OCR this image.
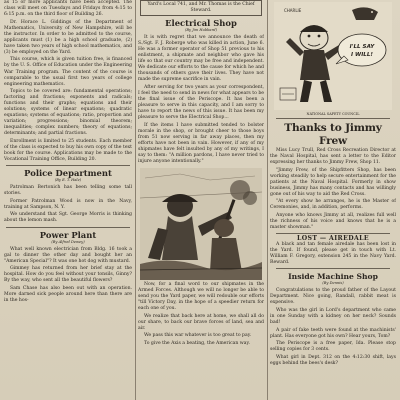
as 15 or more applicants have been accepted. The class will meet on Tuesdays and Fridays from 4:15 to 6:15 p.m. on the third floor of Building 26.

Dr. Horace L. Giddings of the Department of Mathematics, University of New Hampshire, will be the instructor. In order to be admitted to the course, applicants must (1) be a high school graduate, (2) have taken two years of high school mathematics, and (3) be employed on the Yard.

This course, which is given tuition free, is financed by the U. S. Office of Education under the Engineering War Training program. The content of the course is comparable to the usual first two years of college engineering mathematics.

Topics to be covered are: fundamental operations; factoring and fractions; exponents and radicals; functions and their graphs; equations and their solutions; systems of linear equations; quadratic equations; systems of equations; ratio, proportion and variation; progressions; binomial theorem; inequalities; complex numbers; theory of equations; determinants; and partial fractions.

Enrollment is limited to 25 students. Each member of the class is expected to buy his own copy of the text book for the course. Applications may be made to the Vocational Training Office, Building 20.

Police Department
(By E. T. Hale)

Patrolman Bertonich has been telling some tall stories.

Former Patrolman Wood is now in the Navy, training at Sampson, N. Y.

We understand that Sgt. George Morris is thinking about the lemon mash.

Power Plant
(By Alfred Dewey)

What well known electrician from Bldg. 16 took a gal to dinner the other day and bought her an "American Special"? It was one hot dog with mustard.

Gimmey has returned from her brief stay at the hospital. How do you feel without your tonsils, Ginny? By the way, who sent all the beautiful flowers?

Sam Chase has also been out with an operation. More darned sick people around here than there are in the hos-

Yard's Local 741, and Mr. Thomas is the Chief Steward.
Electrical Shop
(By Jim Hubbard)

It is with regret that we announce the death of S./Sgt. F. J. Roberge who was killed in action, June 6. He was a former operator of Shop 51 previous to his enlistment, a shipmate and neighbor who gave his life so that our country may be free and independent. We dedicate our efforts to the cause for which he and thousands of others gave their lives. They have not made the supreme sacrifice in vain.

After serving for two years as your correspondent, I feel the need to send in news for what appears to be the final issue of the Periscope. It has been a pleasure to serve in this capacity, and I am sorry to have to report the news of this issue. It has been my pleasure to serve the Electrical Shop...

If the items I have submitted tended to bolster morale in the shop, or brought cheer to those boys from 51 now serving in far away places, then my efforts have not been in vain. However, if any of my shipmates have felt insulted by any of my writings, I say to them: "A million pardons, I have never tried to injure anyone intentionally."

Now, for a final word to our shipmates in the Armed Forces. Although we will no longer be able to send you the Yard paper, we will redouble our efforts "till Victory Day, in the hope of a speedier return for each one of you.

We realize that back here at home, we shall all do our share, to back our brave forces of land, sea and air.

We pass this war whatever is too great to pay.

To give the Axis a beating, the American way.

I'LL SAY
I WILL!
CHARLIE
NATIONAL SAFETY COUNCIL
Thanks to Jimmy Frew

Miss Lucy Trull, Red Cross Recreation Director at the Naval Hospital, has sent a letter to the Editor expressing her thanks to Jimmy Frew, Shop 11.

"Jimmy Frew, of the Shipfitters Shop, has been working steadily to help secure entertainment for the patients at the Naval Hospital. Formerly in show business, Jimmy has many contacts and has willingly gone out of his way to aid the Red Cross.

"At every show he arranges, he is the Master of Ceremonies, and, in addition, performs.

Anyone who knows Jimmy at all, realizes full well the richness of his voice and knows that he is a master showman."

LOST — AIREDALE

A black and tan female airedale has been lost in the Yard. If found, please get in touch with Lt. William F. Gregory, extension 245 in the Navy Yard. Reward.

Inside Machine Shop
(By Dennis)

Congratulations to the proud father of the Layout Department. Nice going, Randall, rabbit meat is expensive.

Who was the girl in Lord's department who came in one Sunday with a kidney on her neck? Sounds bad!

A pair of fake teeth were found at the machinists' plant. Has everyone got his own? Hear yours, Tom?

The Periscope is a free paper, Ida. Please stop selling copies for 3 cents.

What girl in Dept. 312 on the 4:12:30 shift, lays eggs behind the bees's desk?
